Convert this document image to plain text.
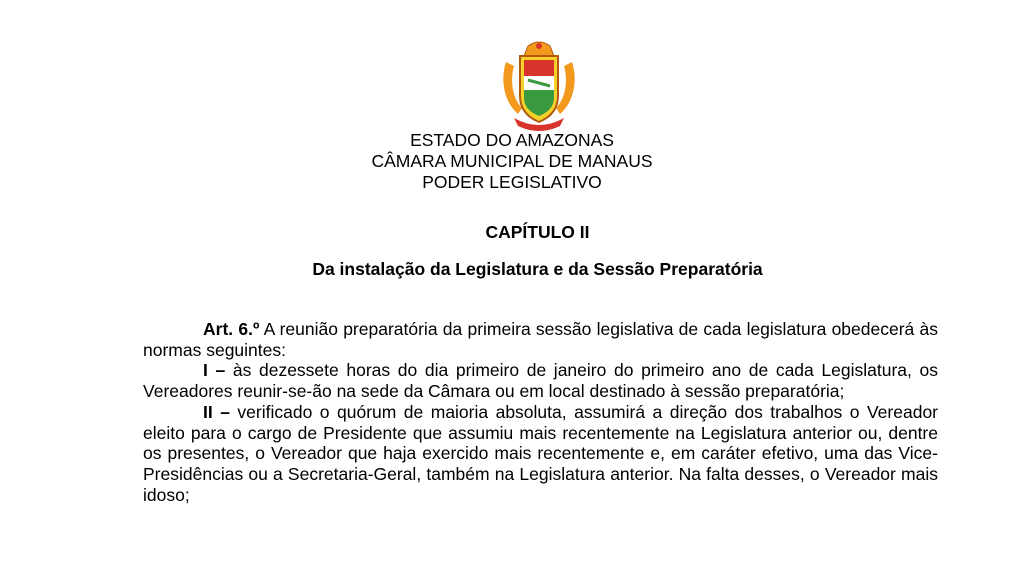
ESTADO DO AMAZONAS
CÂMARA MUNICIPAL DE MANAUS
PODER LEGISLATIVO
CAPÍTULO II
Da instalação da Legislatura e da Sessão Preparatória

Art. 6.º A reunião preparatória da primeira sessão legislativa de cada legislatura obedecerá às normas seguintes:

I – às dezessete horas do dia primeiro de janeiro do primeiro ano de cada Legislatura, os Vereadores reunir-se-ão na sede da Câmara ou em local destinado à sessão preparatória;

II – verificado o quórum de maioria absoluta, assumirá a direção dos trabalhos o Vereador eleito para o cargo de Presidente que assumiu mais recentemente na Legislatura anterior ou, dentre os presentes, o Vereador que haja exercido mais recentemente e, em caráter efetivo, uma das Vice-Presidências ou a Secretaria-Geral, também na Legislatura anterior. Na falta desses, o Vereador mais idoso;
